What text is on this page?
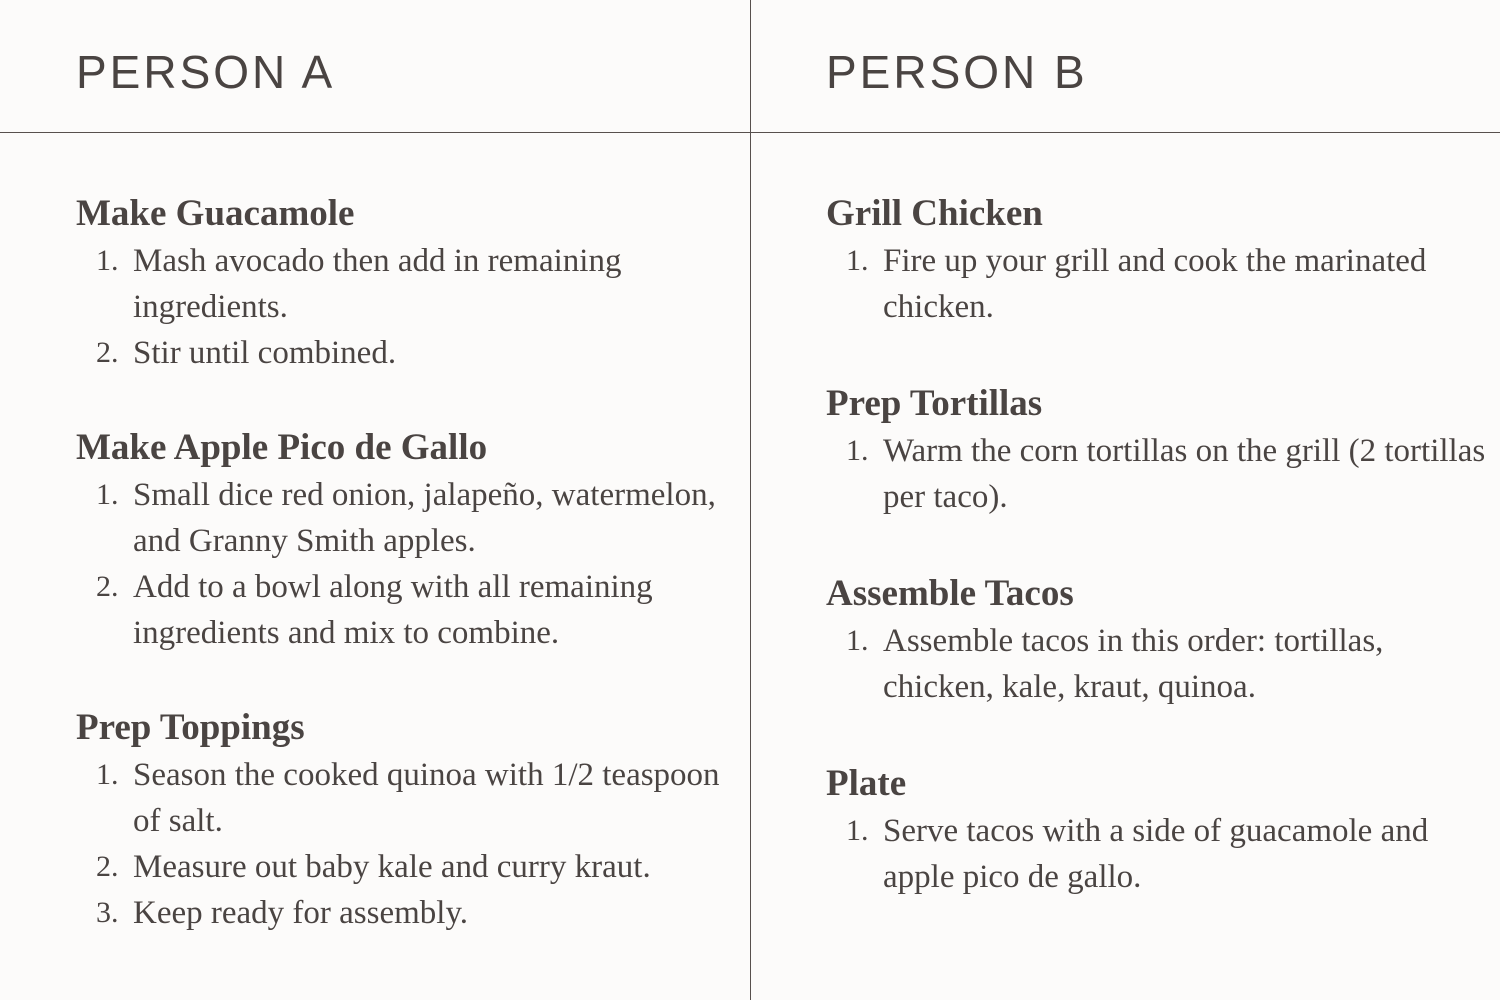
PERSON A
Make Guacamole
1. Mash avocado then add in remaining ingredients.
2. Stir until combined.
Make Apple Pico de Gallo
1. Small dice red onion, jalapeño, watermelon, and Granny Smith apples.
2. Add to a bowl along with all remaining ingredients and mix to combine.
Prep Toppings
1. Season the cooked quinoa with 1/2 teaspoon of salt.
2. Measure out baby kale and curry kraut.
3. Keep ready for assembly.
PERSON B
Grill Chicken
1. Fire up your grill and cook the marinated chicken.
Prep Tortillas
1. Warm the corn tortillas on the grill (2 tortillas per taco).
Assemble Tacos
1. Assemble tacos in this order: tortillas, chicken, kale, kraut, quinoa.
Plate
1. Serve tacos with a side of guacamole and apple pico de gallo.
